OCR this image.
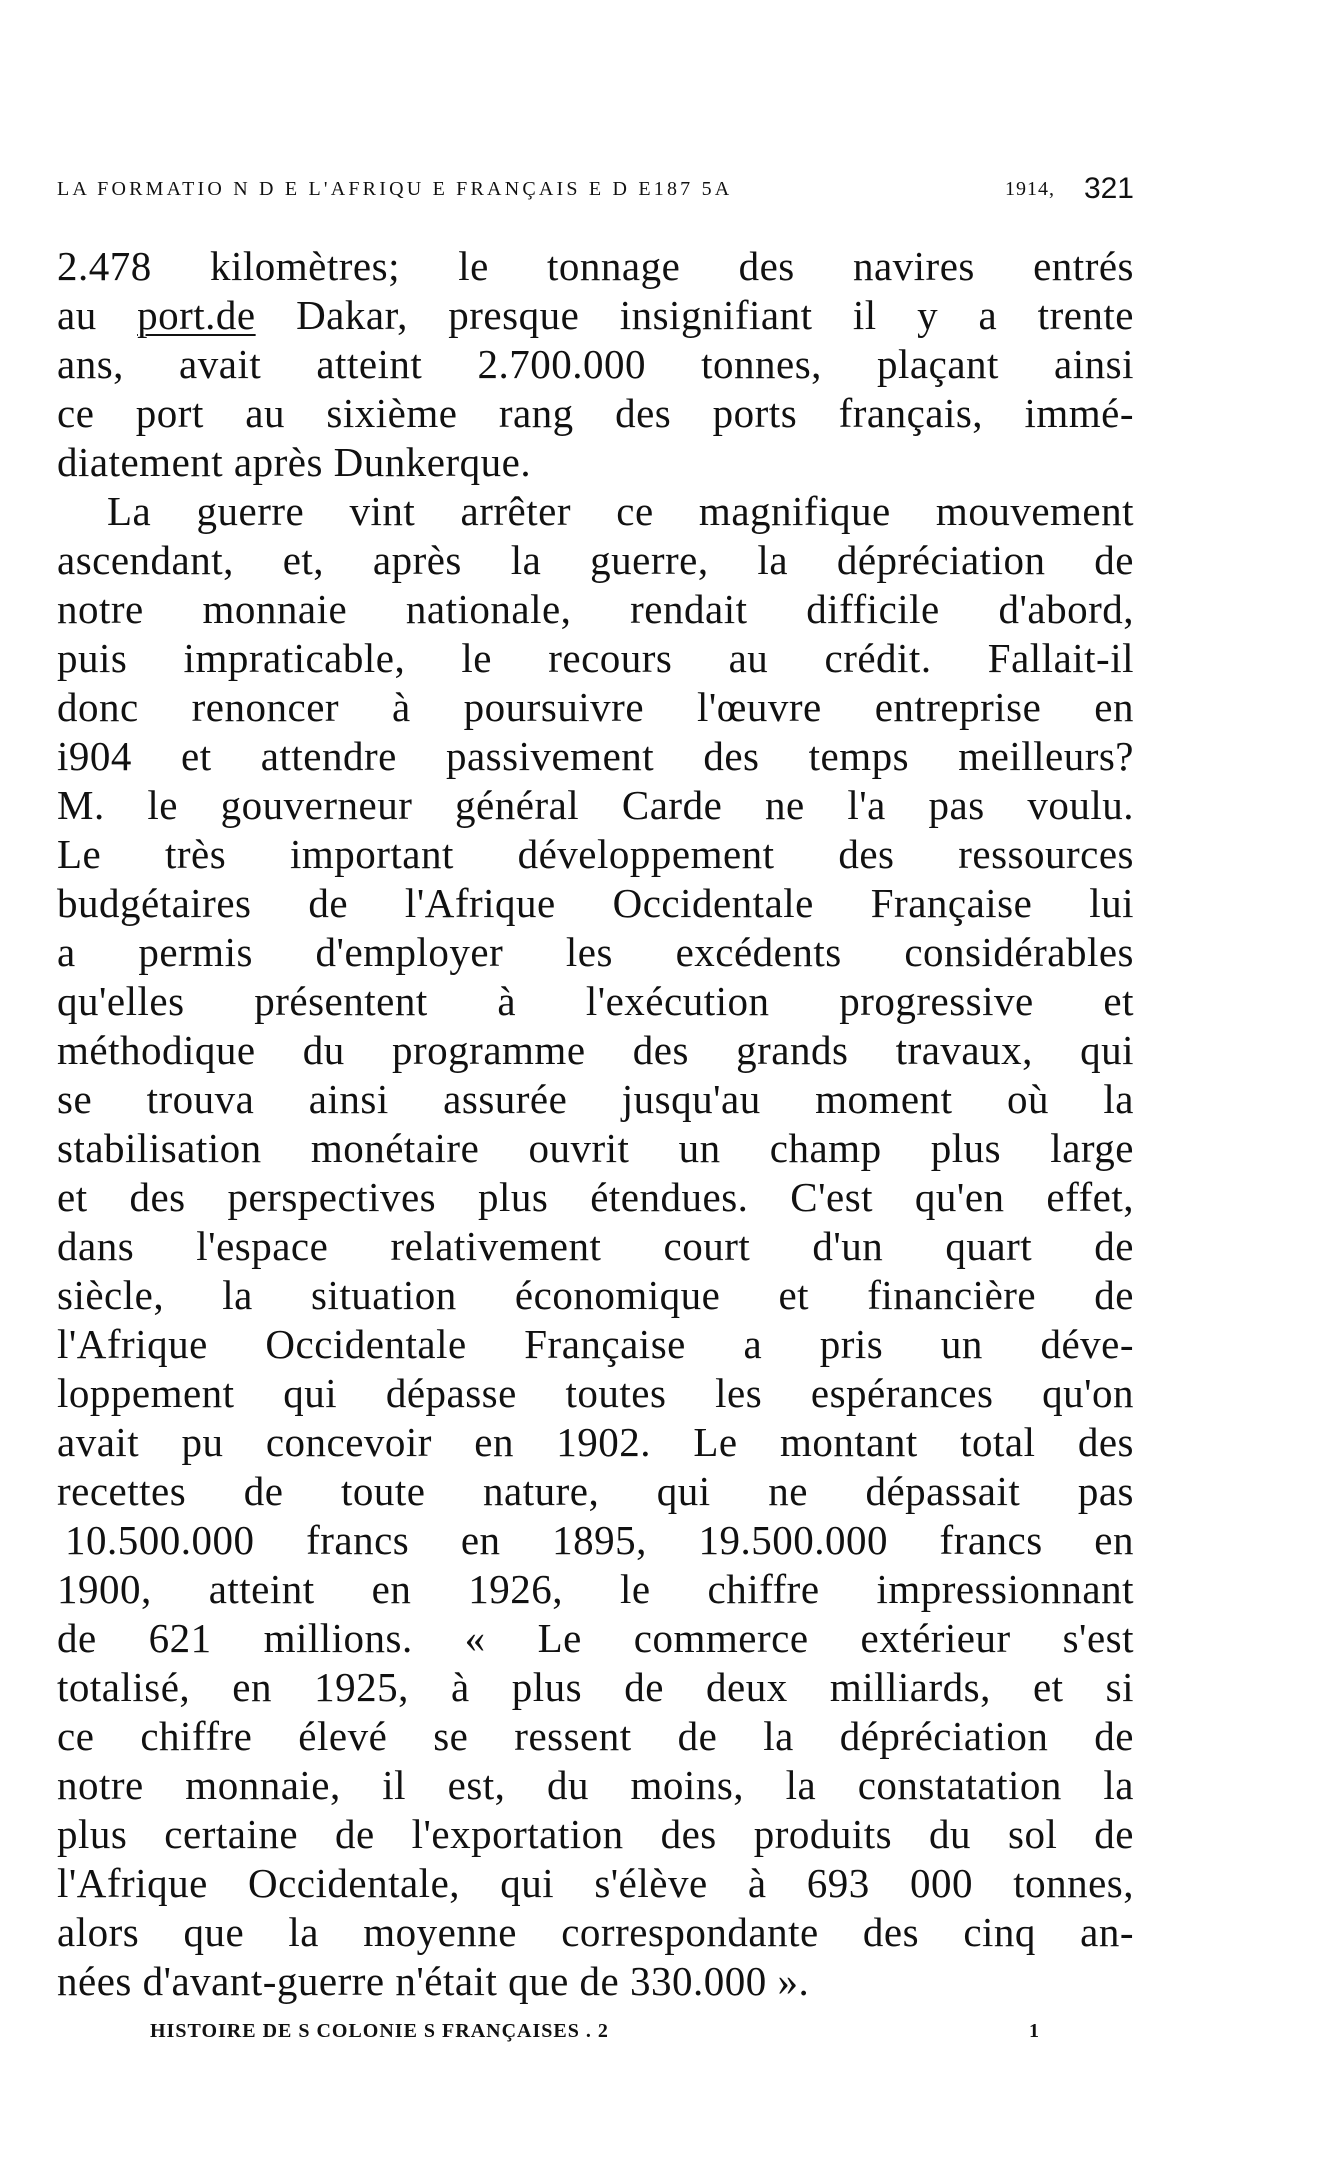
LA FORMATIO N D E L'AFRIQU E FRANÇAIS E D E187 5A	1914, 321
2.478 kilomètres; le tonnage des navires entrés
au port.de Dakar, presque insignifiant il y a trente
ans, avait atteint 2.700.000 tonnes, plaçant ainsi
ce port au sixième rang des ports français, immé-
diatement après Dunkerque.
La guerre vint arrêter ce magnifique mouvement
ascendant, et, après la guerre, la dépréciation de
notre monnaie nationale, rendait difficile d'abord,
puis impraticable, le recours au crédit. Fallait-il
donc renoncer à poursuivre l'œuvre entreprise en
i904 et attendre passivement des temps meilleurs?
M. le gouverneur général Carde ne l'a pas voulu.
Le très important développement des ressources
budgétaires de l'Afrique Occidentale Française lui
a permis d'employer les excédents considérables
qu'elles présentent à l'exécution progressive et
méthodique du programme des grands travaux, qui
se trouva ainsi assurée jusqu'au moment où la
stabilisation monétaire ouvrit un champ plus large
et des perspectives plus étendues. C'est qu'en effet,
dans l'espace relativement court d'un quart de
siècle, la situation économique et financière de
l'Afrique Occidentale Française a pris un déve-
loppement qui dépasse toutes les espérances qu'on
avait pu concevoir en 1902. Le montant total des
recettes de toute nature, qui ne dépassait pas
10.500.000 francs en 1895, 19.500.000 francs en
1900, atteint en 1926, le chiffre impressionnant
de 621 millions. « Le commerce extérieur s'est
totalisé, en 1925, à plus de deux milliards, et si
ce chiffre élevé se ressent de la dépréciation de
notre monnaie, il est, du moins, la constatation la
plus certaine de l'exportation des produits du sol de
l'Afrique Occidentale, qui s'élève à 693 000 tonnes,
alors que la moyenne correspondante des cinq an-
nées d'avant-guerre n'était que de 330.000 ».
HISTOIRE DE S COLONIE S FRANÇAISES . 2	1
